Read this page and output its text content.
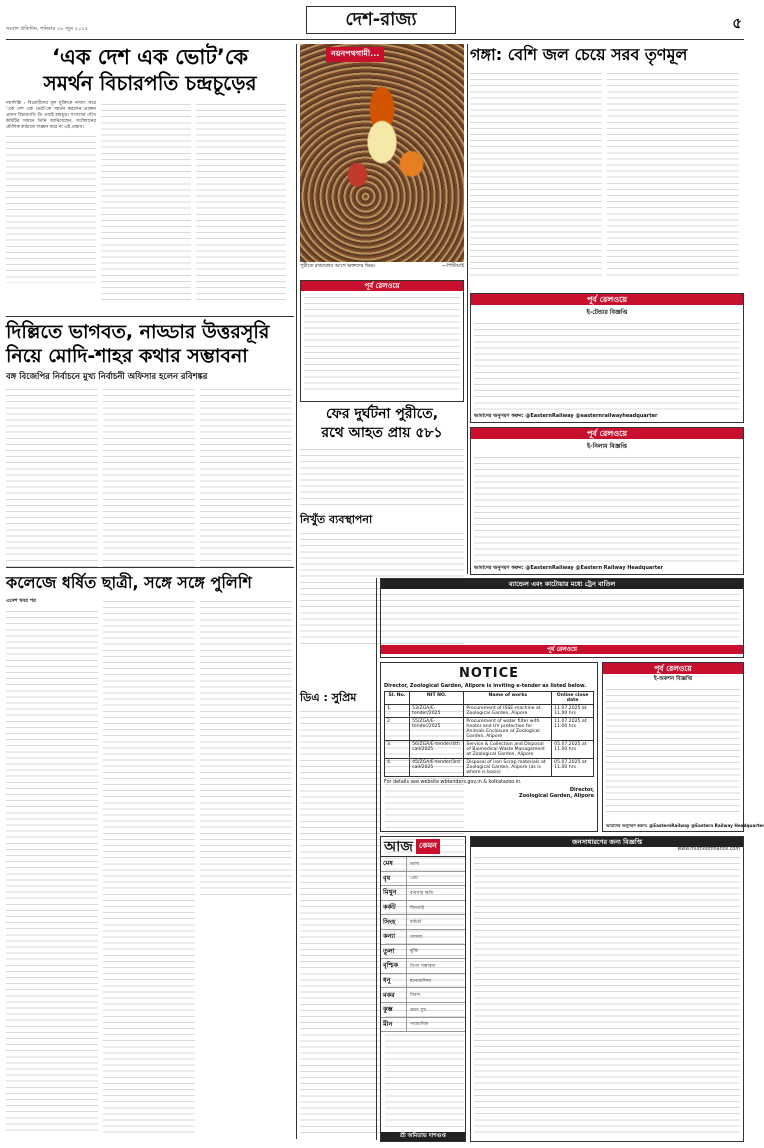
সংবাদ প্রতিদিন, শনিবার ২৮ জুন ২০২৫	দেশ-রাজ্য	৫
‘এক দেশ এক ভোট’কে
সমর্থন বিচারপতি চন্দ্রচূড়ের
নয়াদিল্লি : বিরোধীদের মূল যুক্তিকে নস্যাৎ করে ‘এক দেশ এক ভোট’কে সমর্থন করলেন প্রাক্তন প্রধান বিচারপতি ডি ওয়াই চন্দ্রচূড়। সংসদের যৌথ কমিটির সামনে তিনি জানিয়েছেন, সংবিধানের মৌলিক কাঠামো লঙ্ঘন করে না এই প্রস্তাব।
দিল্লিতে ভাগবত, নাড্ডার উত্তরসূরি
নিয়ে মোদি-শাহর কথার সম্ভাবনা
বঙ্গ বিজেপির নির্বাচনে মুখ্য নির্বাচনী অফিসার হলেন রবিশঙ্কর
কলেজে ধর্ষিত ছাত্রী, সঙ্গে সঙ্গে পুলিশি
এদেশ খবর পর
নয়নপথগামী...
পুরীতে রথযাত্রার আগে ভক্তদের ভিড়।	—পিটিআই
গঙ্গা: বেশি জল চেয়ে সরব তৃণমূল
পূর্ব রেলওয়ে
পূর্ব রেলওয়ে
ই-টেন্ডার বিজ্ঞপ্তি
আমাদের অনুসরণ করুন: @EasternRailway @easternrailwayheadquarter
ফের দুর্ঘটনা পুরীতে,
রথে আহত প্রায় ৫৮১	পূর্ব রেলওয়ে
ই-নিলাম বিজ্ঞপ্তি
আমাদের অনুসরণ করুন: @EasternRailway @Eastern Railway Headquarter
নিখুঁত ব্যবস্থাপনা
ডিএ : সুপ্রিম
ব্যান্ডেল এবং কাটোয়ার মধ্যে ট্রেন বাতিল
পূর্ব রেলওয়ে
NOTICE
Director, Zoological Garden, Alipore is inviting e-tender as listed below.
Sl. No.	NIT NO.	Name of works	Online close date
1.	53/ZGA/E-tender/2025	Procurement of ISSE-machine at Zoological Garden, Alipore	11.07.2025 at 11.00 hrs
2.	55/ZGA/E-tender/2025	Procurement of water filter with heater and UV protection for Animals Enclosure at Zoological Garden, Alipore	11.07.2025 at 11.00 hrs
3.	56/ZGA/E-tender/4th call/2025	Service & Collection and Disposal of Biomedical Waste Management at Zoological Garden, Alipore	05.07.2025 at 11.00 hrs
4.	45/ZGA/E-tender/3rd call/2025	Disposal of iron Scrap materials at Zoological Garden, Alipore (as is where is basis)	05.07.2025 at 11.00 hrs
For details see website wbtenders.gov.in & kolkatazoo.in.
Director,
Zoological Garden, Alipore
পূর্ব রেলওয়ে
ই-অকশন বিজ্ঞপ্তি
আমাদের অনুসরণ করুন: @EasternRailway @Eastern Railway Headquarter
জনসাধারণের জন্য বিজ্ঞপ্তি
www.muthootfinance.com
আজ কেমন
মেষ	আশা
বৃষ	প্রেম
মিথুন	ব্যবসায় ক্ষতি
কর্কট	ছিনতাই
সিংহ	ধর্মচর্চা
কন্যা	সাফল্য
তুলা	ঝুঁকি
বৃশ্চিক	বিপদ সম্ভাবনা
ধনু	মনোমালিন্য
মকর	বিবাদ
কুম্ভ	ভ্রমণ সুখ
মীন	পারমার্থিক
শ্রী অমিতাভ দাশগুপ্ত
